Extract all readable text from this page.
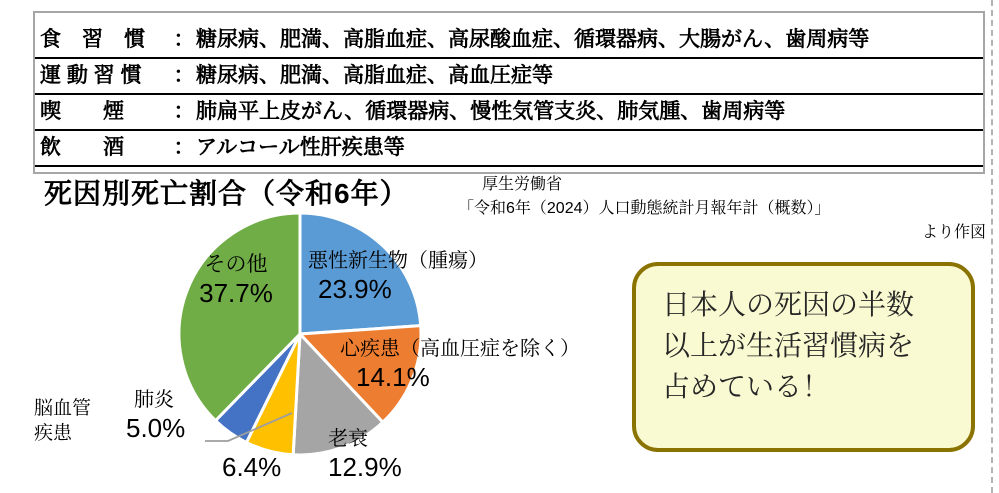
食　習　慣 ：糖尿病、肥満、高脂血症、高尿酸血症、循環器病、大腸がん、歯周病等
運 動 習 慣 ：糖尿病、肥満、高脂血症、高血圧症等
喫　　煙 ：肺扁平上皮がん、循環器病、慢性気管支炎、肺気腫、歯周病等
飲　　酒 ：アルコール性肝疾患等
死因別死亡割合（令和6年）	厚生労働省
「令和6年（2024）人口動態統計月報年計（概数）」
より作図
その他
37.7%
悪性新生物（腫瘍）
23.9%
心疾患（高血圧症を除く）
14.1%
老衰
12.9%
6.4%
脳血管疾患
肺炎
5.0%
日本人の死因の半数
以上が生活習慣病を
占めている！
